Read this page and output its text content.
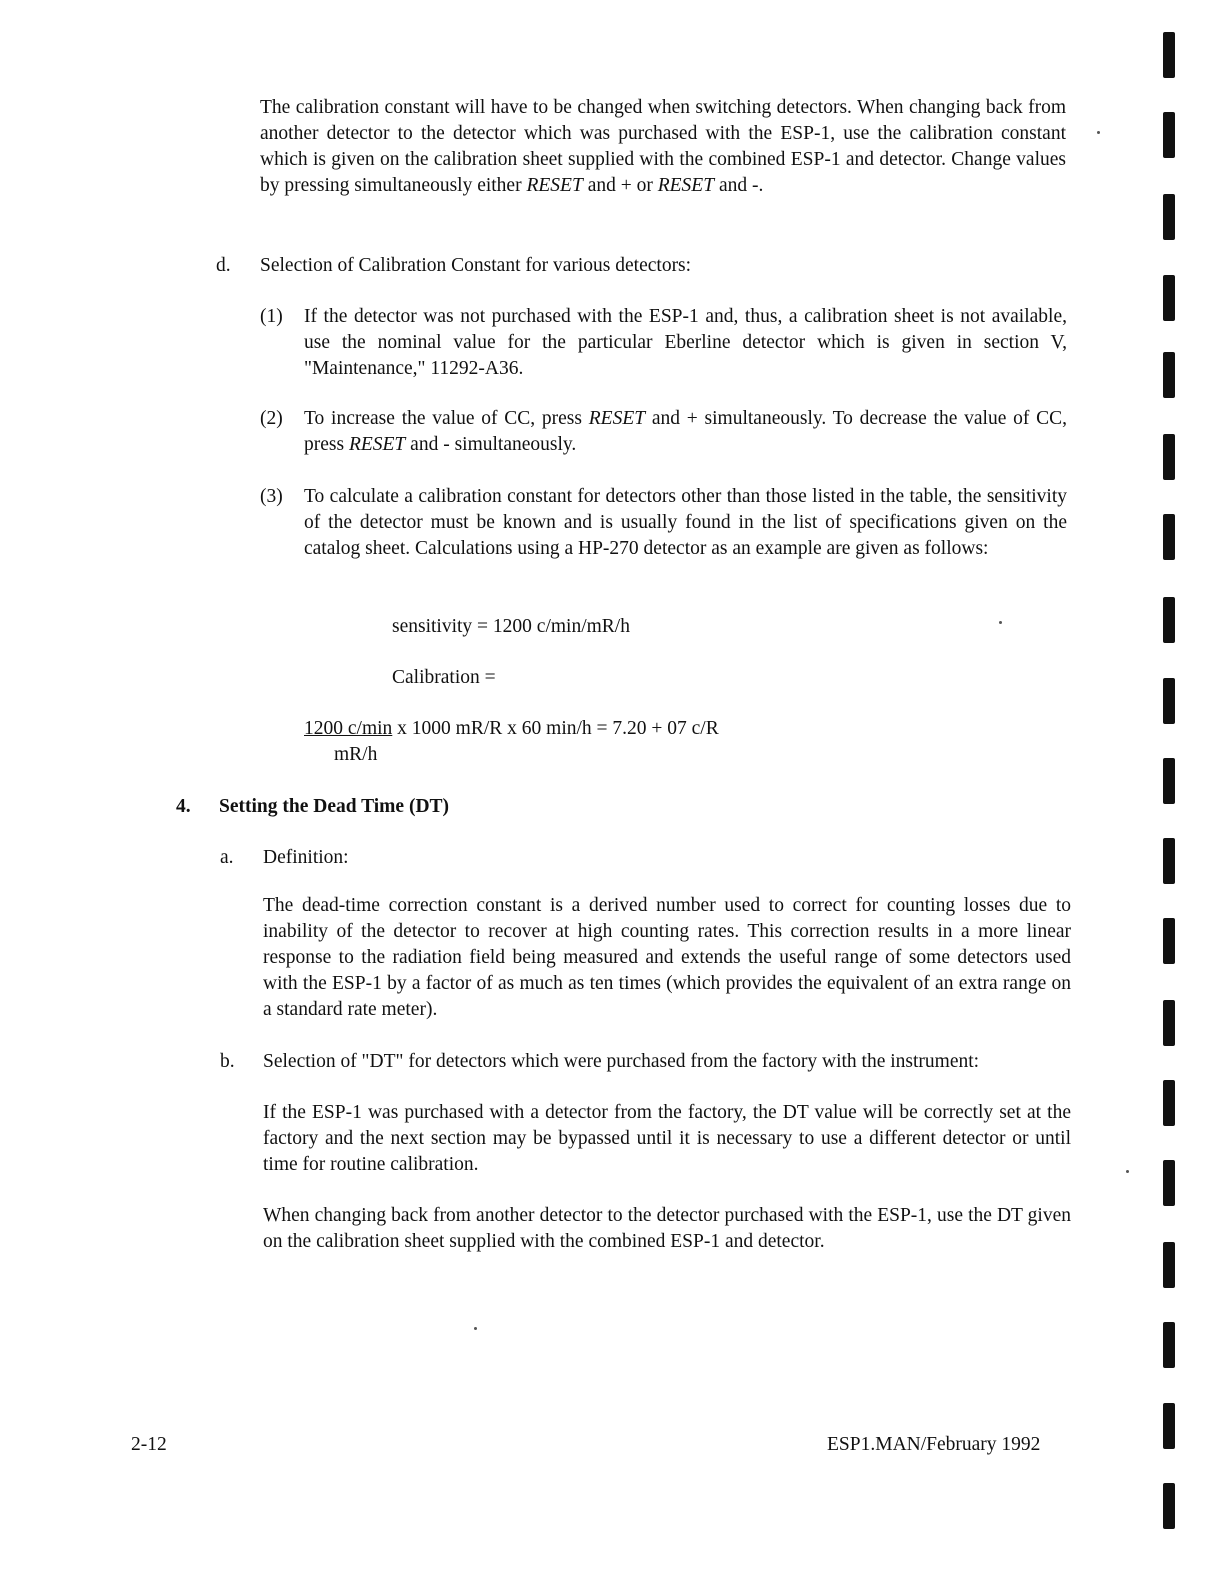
The calibration constant will have to be changed when switching detectors. When changing back from another detector to the detector which was purchased with the ESP-1, use the calibration constant which is given on the calibration sheet supplied with the combined ESP-1 and detector. Change values by pressing simultaneously either RESET and + or RESET and -.
d. Selection of Calibration Constant for various detectors:
(1) If the detector was not purchased with the ESP-1 and, thus, a calibration sheet is not available, use the nominal value for the particular Eberline detector which is given in section V, "Maintenance," 11292-A36.
(2) To increase the value of CC, press RESET and + simultaneously. To decrease the value of CC, press RESET and - simultaneously.
(3) To calculate a calibration constant for detectors other than those listed in the table, the sensitivity of the detector must be known and is usually found in the list of specifications given on the catalog sheet. Calculations using a HP-270 detector as an example are given as follows:
sensitivity = 1200 c/min/mR/h
Calibration =
1200 c/min x 1000 mR/R x 60 min/h = 7.20 + 07 c/R
mR/h
4. Setting the Dead Time (DT)
a. Definition:
The dead-time correction constant is a derived number used to correct for counting losses due to inability of the detector to recover at high counting rates. This correction results in a more linear response to the radiation field being measured and extends the useful range of some detectors used with the ESP-1 by a factor of as much as ten times (which provides the equivalent of an extra range on a standard rate meter).
b. Selection of "DT" for detectors which were purchased from the factory with the instrument:
If the ESP-1 was purchased with a detector from the factory, the DT value will be correctly set at the factory and the next section may be bypassed until it is necessary to use a different detector or until time for routine calibration.
When changing back from another detector to the detector purchased with the ESP-1, use the DT given on the calibration sheet supplied with the combined ESP-1 and detector.
2-12	ESP1.MAN/February 1992
